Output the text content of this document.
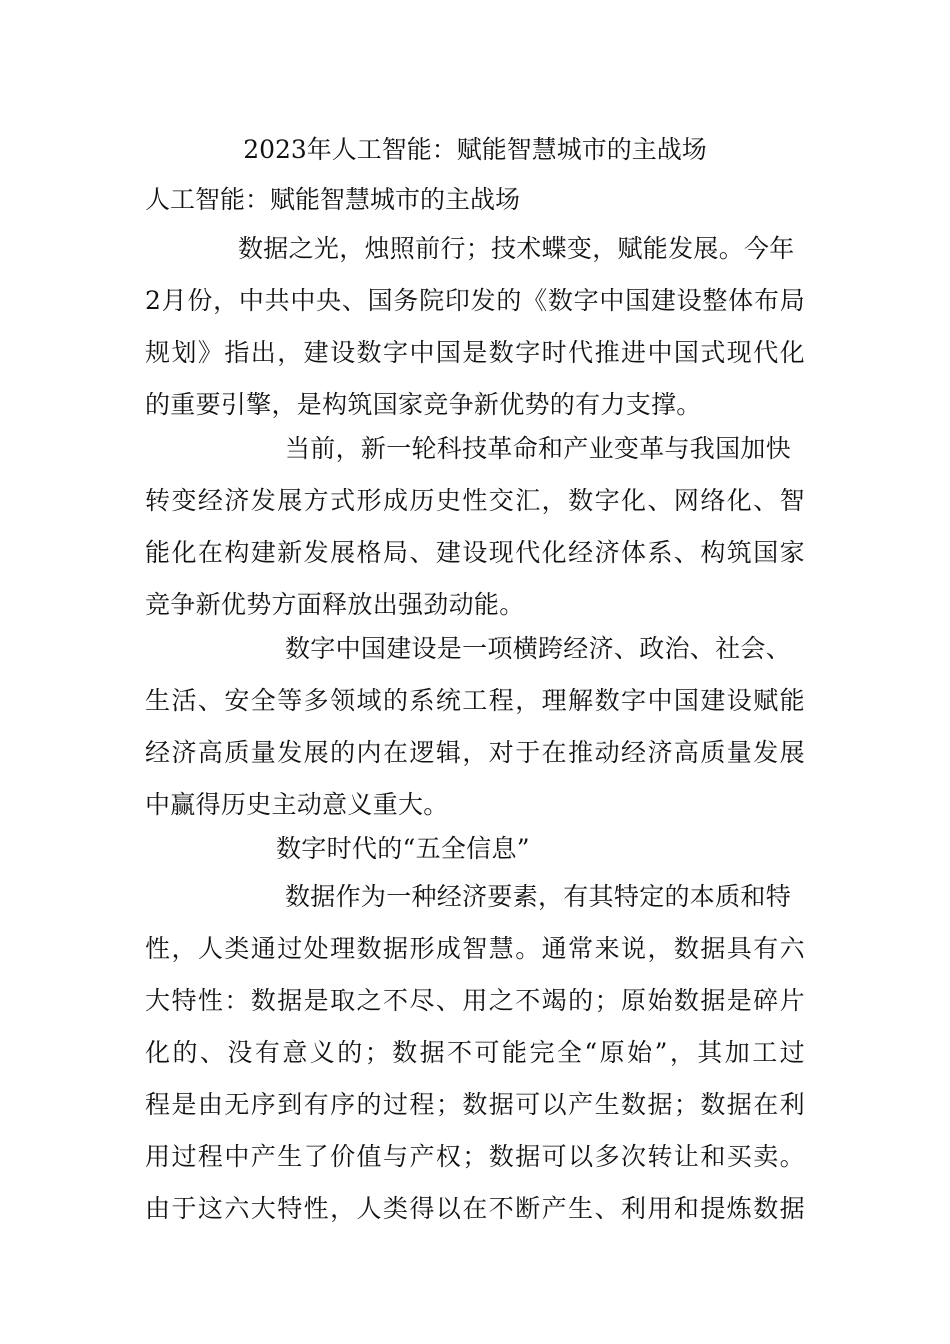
2023年人工智能：赋能智慧城市的主战场
人工智能：赋能智慧城市的主战场
数据之光，烛照前行；技术蝶变，赋能发展。今年
2月份，中共中央、国务院印发的《数字中国建设整体布局
规划》指出，建设数字中国是数字时代推进中国式现代化
的重要引擎，是构筑国家竞争新优势的有力支撑。
当前，新一轮科技革命和产业变革与我国加快
转变经济发展方式形成历史性交汇，数字化、网络化、智
能化在构建新发展格局、建设现代化经济体系、构筑国家
竞争新优势方面释放出强劲动能。
数字中国建设是一项横跨经济、政治、社会、
生活、安全等多领域的系统工程，理解数字中国建设赋能
经济高质量发展的内在逻辑，对于在推动经济高质量发展
中赢得历史主动意义重大。
数字时代的“五全信息”
数据作为一种经济要素，有其特定的本质和特
性，人类通过处理数据形成智慧。通常来说，数据具有六
大特性：数据是取之不尽、用之不竭的；原始数据是碎片
化的、没有意义的；数据不可能完全“原始”，其加工过
程是由无序到有序的过程；数据可以产生数据；数据在利
用过程中产生了价值与产权；数据可以多次转让和买卖。
由于这六大特性，人类得以在不断产生、利用和提炼数据
